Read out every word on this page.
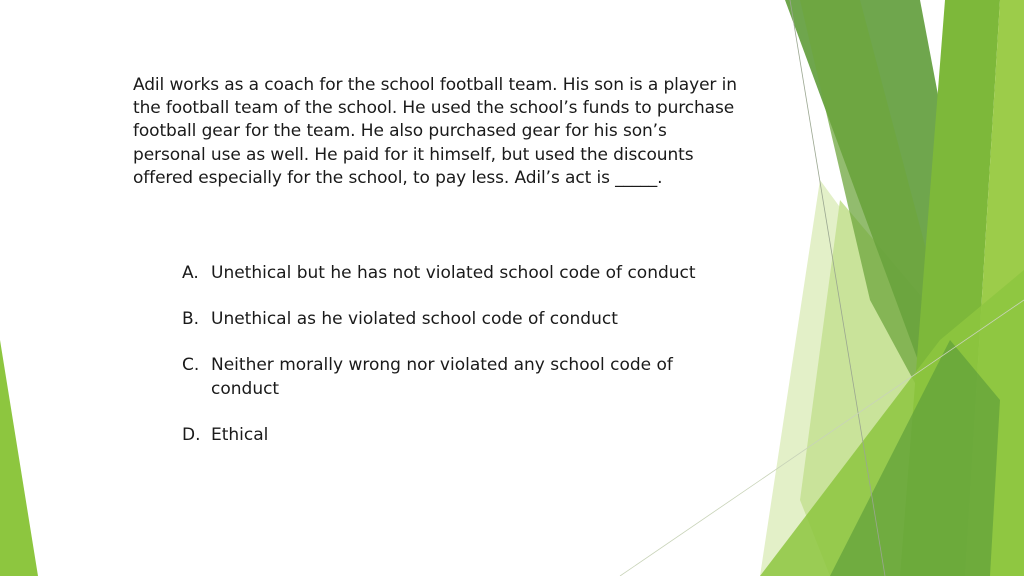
Adil works as a coach for the school football team. His son is a player in the football team of the school. He used the school’s funds to purchase football gear for the team. He also purchased gear for his son’s personal use as well. He paid for it himself, but used the discounts offered especially for the school, to pay less. Adil’s act is _____.

A. Unethical but he has not violated school code of conduct
B. Unethical as he violated school code of conduct
C. Neither morally wrong nor violated any school code of conduct
D. Ethical
